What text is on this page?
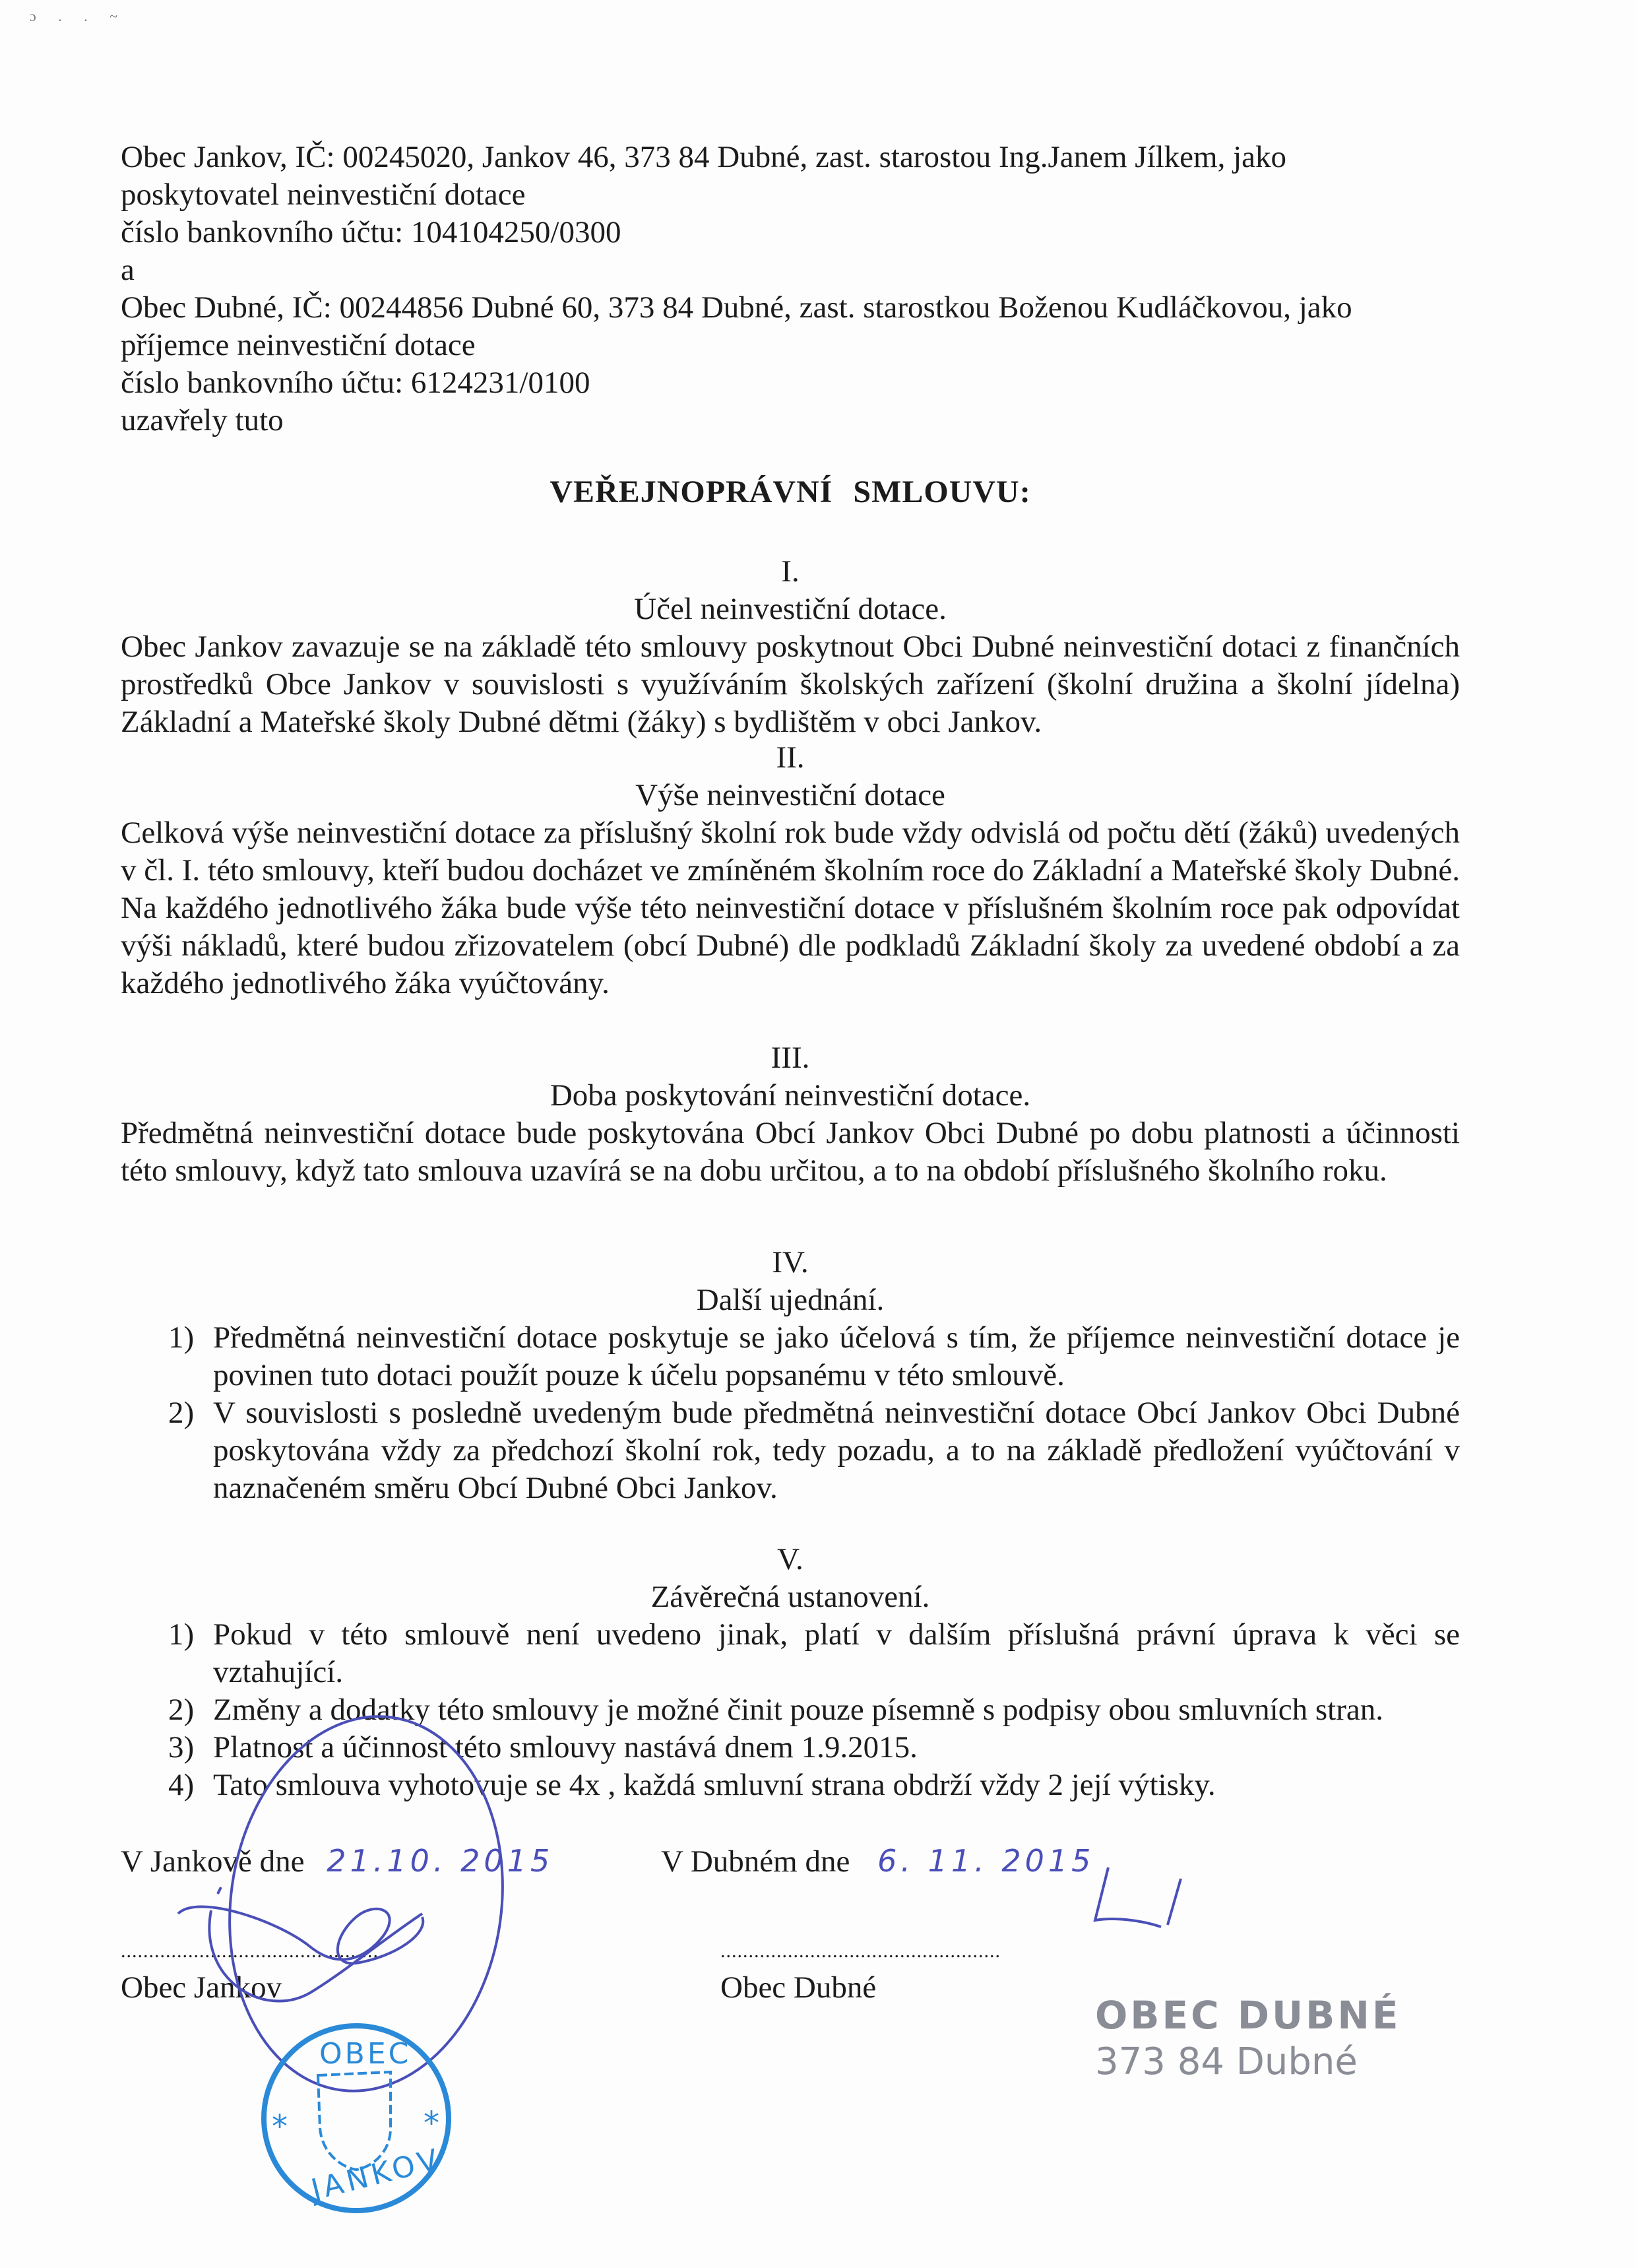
ɔ . . ~
Obec Jankov, IČ: 00245020, Jankov 46, 373 84 Dubné, zast. starostou Ing.Janem Jílkem, jako
poskytovatel neinvestiční dotace
číslo bankovního účtu: 104104250/0300
a
Obec Dubné, IČ: 00244856 Dubné 60, 373 84 Dubné, zast. starostkou Boženou Kudláčkovou, jako
příjemce neinvestiční dotace
číslo bankovního účtu: 6124231/0100
uzavřely tuto
VEŘEJNOPRÁVNÍ SMLOUVU:
I.
Účel neinvestiční dotace.
Obec Jankov zavazuje se na základě této smlouvy poskytnout Obci Dubné neinvestiční dotaci z finančních prostředků Obce Jankov v souvislosti s využíváním školských zařízení (školní družina a školní jídelna) Základní a Mateřské školy Dubné dětmi (žáky) s bydlištěm v obci Jankov.
II.
Výše neinvestiční dotace
Celková výše neinvestiční dotace za příslušný školní rok bude vždy odvislá od počtu dětí (žáků) uvedených v čl. I. této smlouvy, kteří budou docházet ve zmíněném školním roce do Základní a Mateřské školy Dubné. Na každého jednotlivého žáka bude výše této neinvestiční dotace v příslušném školním roce pak odpovídat výši nákladů, které budou zřizovatelem (obcí Dubné) dle podkladů Základní školy za uvedené období a za každého jednotlivého žáka vyúčtovány.
III.
Doba poskytování neinvestiční dotace.
Předmětná neinvestiční dotace bude poskytována Obcí Jankov Obci Dubné po dobu platnosti a účinnosti této smlouvy, když tato smlouva uzavírá se na dobu určitou, a to na období příslušného školního roku.
IV.
Další ujednání.
1) Předmětná neinvestiční dotace poskytuje se jako účelová s tím, že příjemce neinvestiční dotace je povinen tuto dotaci použít pouze k účelu popsanému v této smlouvě.
2) V souvislosti s posledně uvedeným bude předmětná neinvestiční dotace Obcí Jankov Obci Dubné poskytována vždy za předchozí školní rok, tedy pozadu, a to na základě předložení vyúčtování v naznačeném směru Obcí Dubné Obci Jankov.
V.
Závěrečná ustanovení.
1) Pokud v této smlouvě není uvedeno jinak, platí v dalším příslušná právní úprava k věci se vztahující.
2) Změny a dodatky této smlouvy je možné činit pouze písemně s podpisy obou smluvních stran.
3) Platnost a účinnost této smlouvy nastává dnem 1.9.2015.
4) Tato smlouva vyhotovuje se 4x , každá smluvní strana obdrží vždy 2 její výtisky.
V Jankově dne 21.10. 2015
..............................................
Obec Jankov
OBEC
JANKOV
*	*
V Dubném dne 6. 11. 2015
..................................................
Obec Dubné
OBEC DUBNÉ
373 84 Dubné
